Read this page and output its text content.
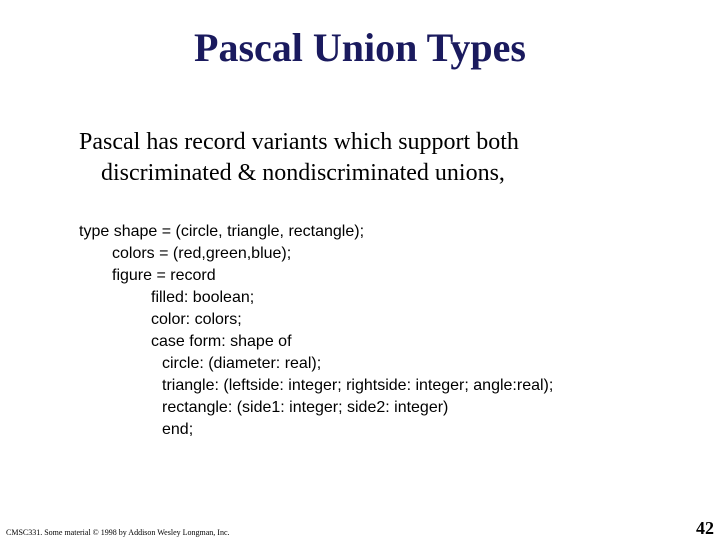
Pascal Union Types

Pascal has record variants which support both
discriminated & nondiscriminated unions,

type shape = (circle, triangle, rectangle);
colors = (red,green,blue);
figure = record
filled: boolean;
color: colors;
case form: shape of
circle: (diameter: real);
triangle: (leftside: integer; rightside: integer; angle:real);
rectangle: (side1: integer; side2: integer)
end;
CMSC331. Some material © 1998 by Addison Wesley Longman, Inc.	42
